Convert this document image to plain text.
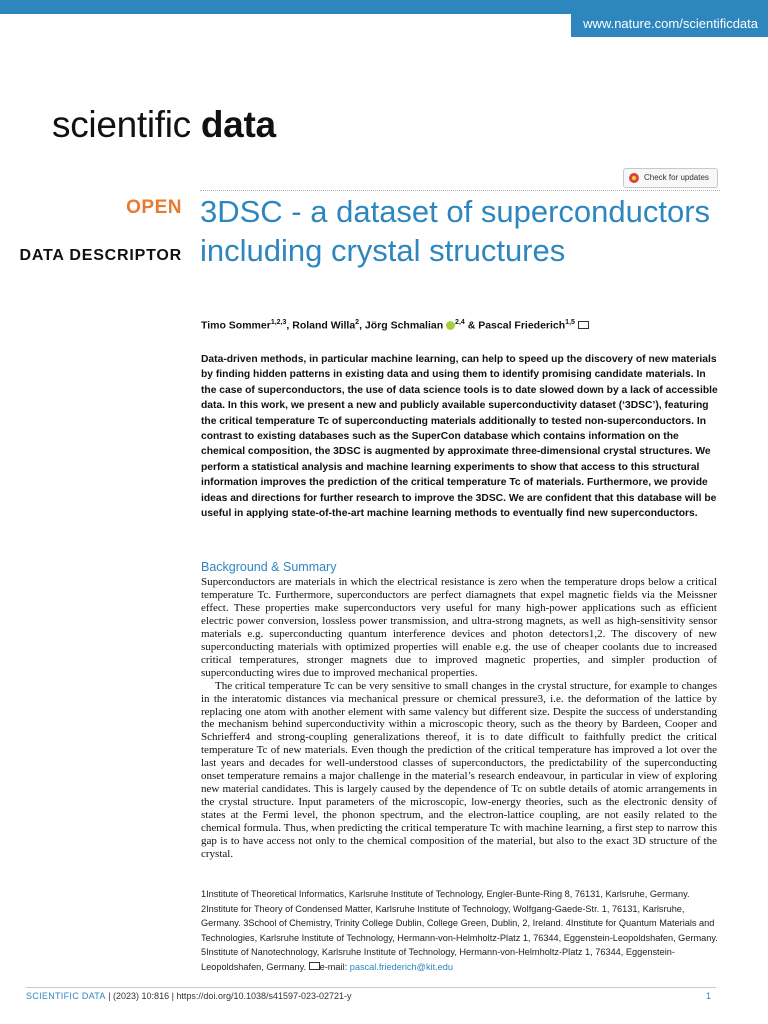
www.nature.com/scientificdata
scientific data
Check for updates
OPEN
DATA DESCRIPTOR
3DSC - a dataset of superconductors including crystal structures
Timo Sommer$^{1,2,3}$, Roland Willa$^2$, Jörg Schmalian $^{2,4}$ & Pascal Friederich$^{1,5}$
Data-driven methods, in particular machine learning, can help to speed up the discovery of new materials by finding hidden patterns in existing data and using them to identify promising candidate materials. In the case of superconductors, the use of data science tools is to date slowed down by a lack of accessible data. In this work, we present a new and publicly available superconductivity dataset (‘3DSC’), featuring the critical temperature Tc of superconducting materials additionally to tested non-superconductors. In contrast to existing databases such as the SuperCon database which contains information on the chemical composition, the 3DSC is augmented by approximate three-dimensional crystal structures. We perform a statistical analysis and machine learning experiments to show that access to this structural information improves the prediction of the critical temperature Tc of materials. Furthermore, we provide ideas and directions for further research to improve the 3DSC. We are confident that this database will be useful in applying state-of-the-art machine learning methods to eventually find new superconductors.
Background & Summary

Superconductors are materials in which the electrical resistance is zero when the temperature drops below a critical temperature Tc. Furthermore, superconductors are perfect diamagnets that expel magnetic fields via the Meissner effect. These properties make superconductors very useful for many high-power applications such as efficient electric power conversion, lossless power transmission, and ultra-strong magnets, as well as high-sensitivity sensor materials e.g. superconducting quantum interference devices and photon detectors1,2. The discovery of new superconducting materials with optimized properties will enable e.g. the use of cheaper coolants due to increased critical temperatures, stronger magnets due to improved magnetic properties, and simpler production of superconducting wires due to improved mechanical properties.

The critical temperature Tc can be very sensitive to small changes in the crystal structure, for example to changes in the interatomic distances via mechanical pressure or chemical pressure3, i.e. the deformation of the lattice by replacing one atom with another element with same valency but different size. Despite the success of understanding the mechanism behind superconductivity within a microscopic theory, such as the theory by Bardeen, Cooper and Schrieffer4 and strong-coupling generalizations thereof, it is to date difficult to faithfully predict the critical temperature Tc of new materials. Even though the prediction of the critical temperature has improved a lot over the last years and decades for well-understood classes of superconductors, the predictability of the superconducting onset temperature remains a major challenge in the material’s research endeavour, in particular in view of exploring new material candidates. This is largely caused by the dependence of Tc on subtle details of atomic arrangements in the crystal structure. Input parameters of the microscopic, low-energy theories, such as the electronic density of states at the Fermi level, the phonon spectrum, and the electron-lattice coupling, are not easily related to the chemical formula. Thus, when predicting the critical temperature Tc with machine learning, a first step to narrow this gap is to have access not only to the chemical composition of the material, but also to the exact 3D structure of the crystal.

1Institute of Theoretical Informatics, Karlsruhe Institute of Technology, Engler-Bunte-Ring 8, 76131, Karlsruhe, Germany. 2Institute for Theory of Condensed Matter, Karlsruhe Institute of Technology, Wolfgang-Gaede-Str. 1, 76131, Karlsruhe, Germany. 3School of Chemistry, Trinity College Dublin, College Green, Dublin, 2, Ireland. 4Institute for Quantum Materials and Technologies, Karlsruhe Institute of Technology, Hermann-von-Helmholtz-Platz 1, 76344, Eggenstein-Leopoldshafen, Germany. 5Institute of Nanotechnology, Karlsruhe Institute of Technology, Hermann-von-Helmholtz-Platz 1, 76344, Eggenstein-Leopoldshafen, Germany. e-mail: pascal.friederich@kit.edu
SCIENTIFIC DATA | (2023) 10:816 | https://doi.org/10.1038/s41597-023-02721-y	1
